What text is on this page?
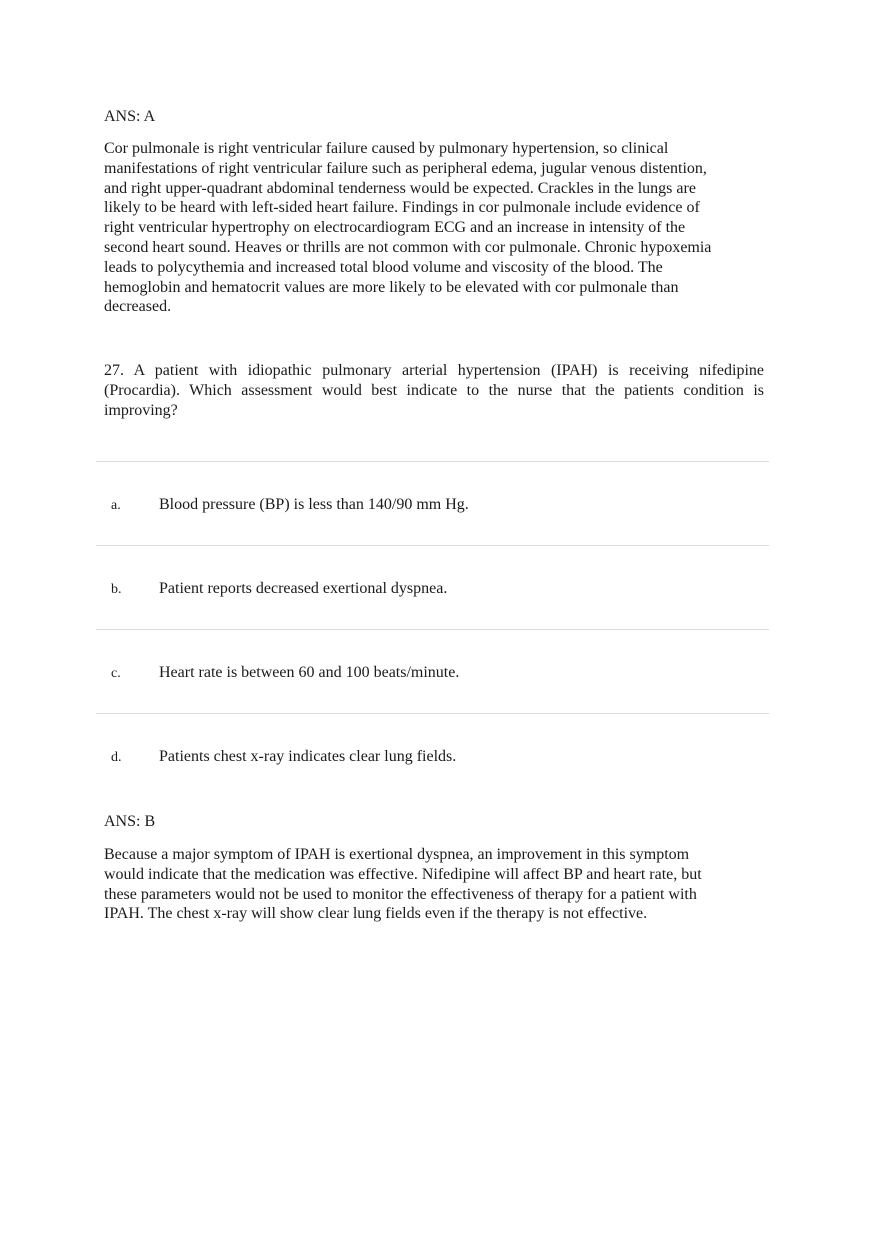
ANS: A

Cor pulmonale is right ventricular failure caused by pulmonary hypertension, so clinical
manifestations of right ventricular failure such as peripheral edema, jugular venous distention,
and right upper-quadrant abdominal tenderness would be expected. Crackles in the lungs are
likely to be heard with left-sided heart failure. Findings in cor pulmonale include evidence of
right ventricular hypertrophy on electrocardiogram ECG and an increase in intensity of the
second heart sound. Heaves or thrills are not common with cor pulmonale. Chronic hypoxemia
leads to polycythemia and increased total blood volume and viscosity of the blood. The
hemoglobin and hematocrit values are more likely to be elevated with cor pulmonale than
decreased.

27. A patient with idiopathic pulmonary arterial hypertension (IPAH) is receiving nifedipine (Procardia). Which assessment would best indicate to the nurse that the patients condition is improving?

a. Blood pressure (BP) is less than 140/90 mm Hg.
b. Patient reports decreased exertional dyspnea.
c. Heart rate is between 60 and 100 beats/minute.
d. Patients chest x-ray indicates clear lung fields.

ANS: B

Because a major symptom of IPAH is exertional dyspnea, an improvement in this symptom
would indicate that the medication was effective. Nifedipine will affect BP and heart rate, but
these parameters would not be used to monitor the effectiveness of therapy for a patient with
IPAH. The chest x-ray will show clear lung fields even if the therapy is not effective.
